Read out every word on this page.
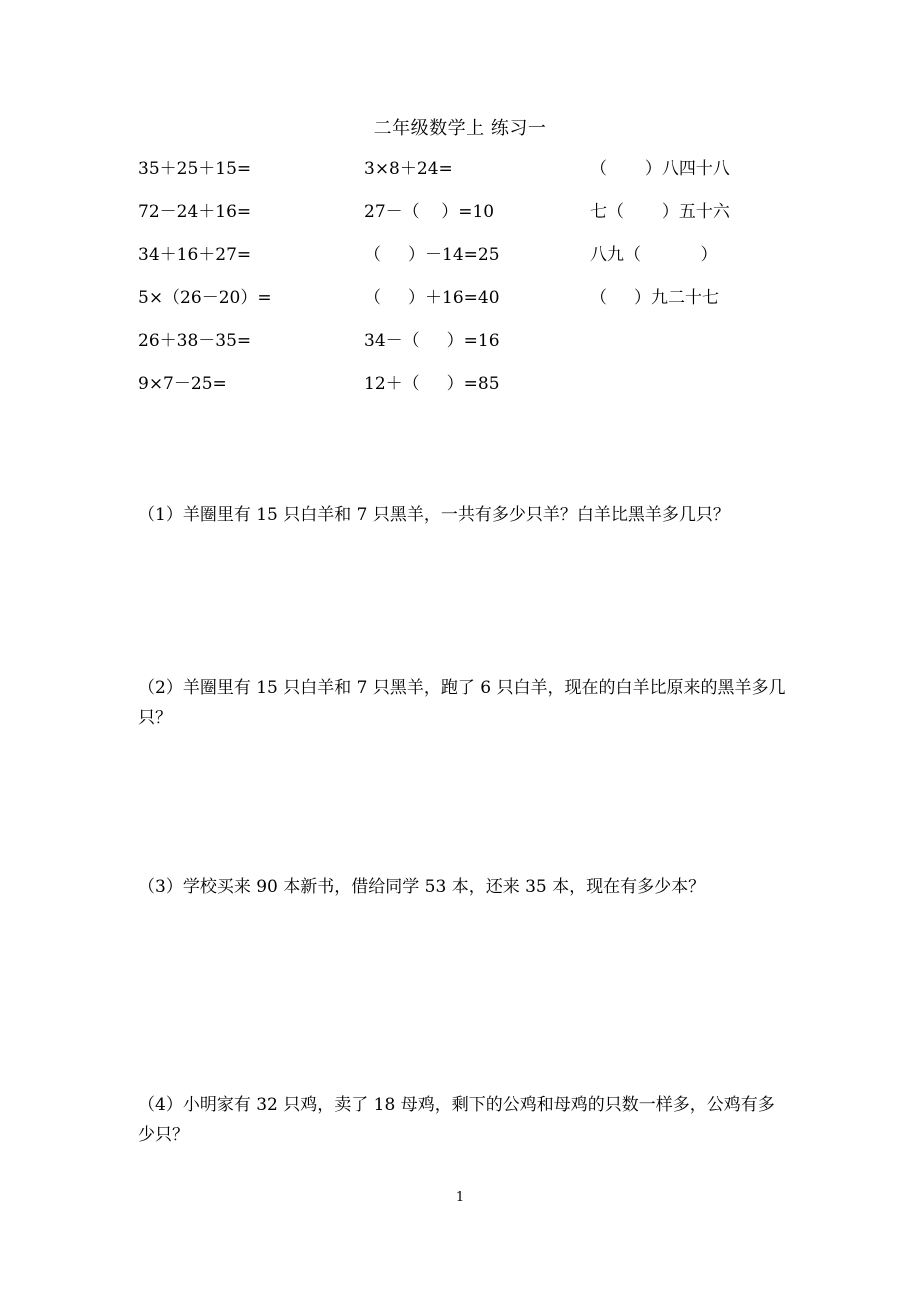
二年级数学上 练习一
35＋25＋15=	3×8＋24=	（       ）八四十八
72－24＋16=	27－（    ）=10	七（       ）五十六
34＋16＋27=	（     ）－14=25	八九（           ）
5×（26－20）=	（     ）＋16=40	（     ）九二十七
26＋38－35=	34－（     ）=16
9×7－25=	12＋（     ）=85
（1）羊圈里有 15 只白羊和 7 只黑羊，一共有多少只羊？白羊比黑羊多几只？
（2）羊圈里有 15 只白羊和 7 只黑羊，跑了 6 只白羊，现在的白羊比原来的黑羊多几只？
（3）学校买来 90 本新书，借给同学 53 本，还来 35 本，现在有多少本？
（4）小明家有 32 只鸡，卖了 18 母鸡，剩下的公鸡和母鸡的只数一样多，公鸡有多少只？
1
